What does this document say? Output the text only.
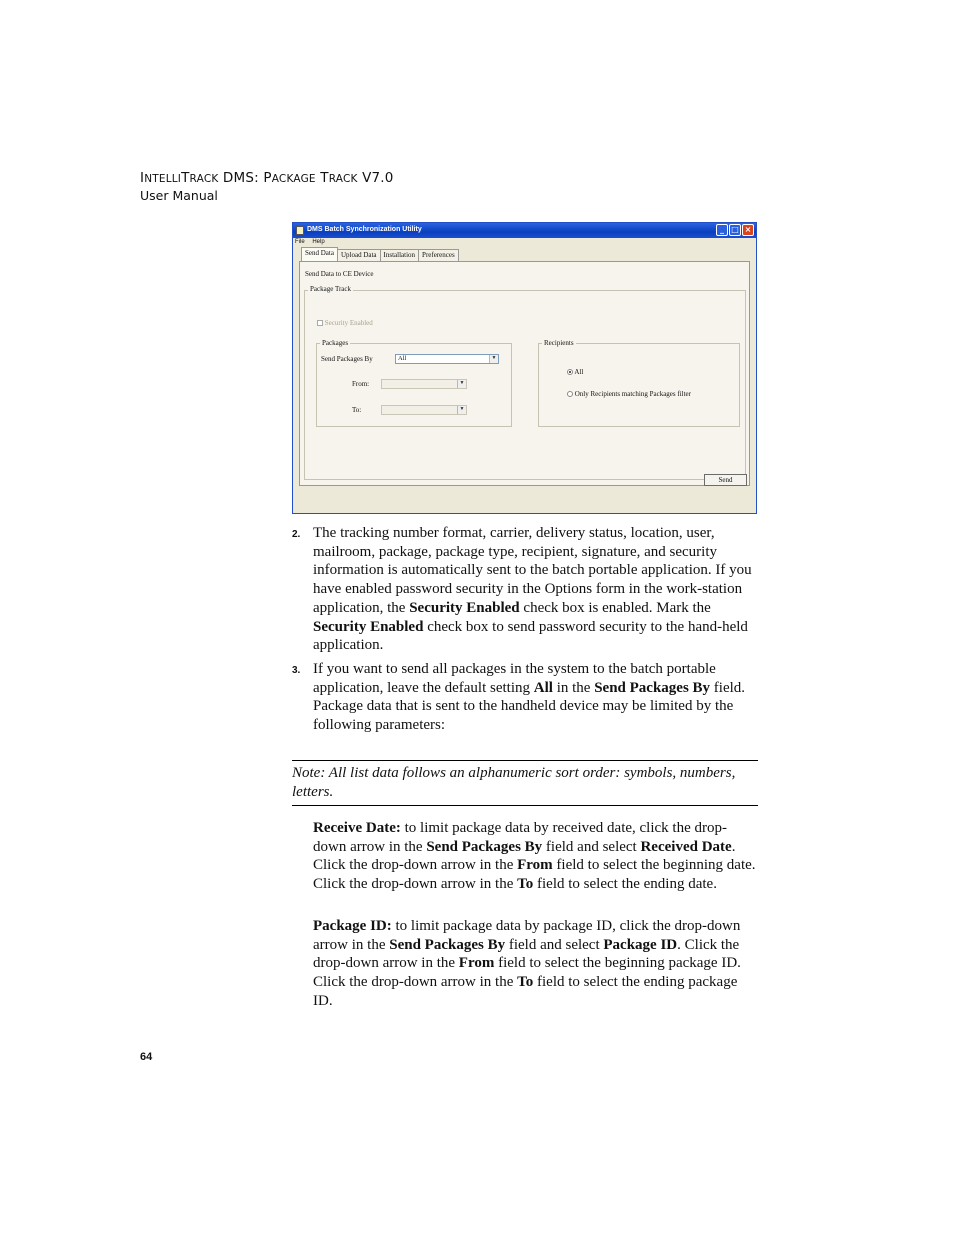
INTELLITRACK DMS: PACKAGE TRACK V7.0
User Manual
DMS Batch Synchronization Utility	_ □ ×
File Help
Send Data	Upload Data	Installation	Preferences
Send Data to CE Device
Package Track
Security Enabled
Packages
Send Packages By	All	▼
From:	▼
To:	▼
Recipients
All
Only Recipients matching Packages filter
Send
2. The tracking number format, carrier, delivery status, location, user, mailroom, package, package type, recipient, signature, and security information is automatically sent to the batch portable application. If you have enabled password security in the Options form in the work-station application, the Security Enabled check box is enabled. Mark the Security Enabled check box to send password security to the hand-held application.
3. If you want to send all packages in the system to the batch portable application, leave the default setting All in the Send Packages By field. Package data that is sent to the handheld device may be limited by the following parameters:
Note: All list data follows an alphanumeric sort order: symbols, numbers, letters.
Receive Date: to limit package data by received date, click the drop-down arrow in the Send Packages By field and select Received Date. Click the drop-down arrow in the From field to select the beginning date. Click the drop-down arrow in the To field to select the ending date.
Package ID: to limit package data by package ID, click the drop-down arrow in the Send Packages By field and select Package ID. Click the drop-down arrow in the From field to select the beginning package ID. Click the drop-down arrow in the To field to select the ending package ID.
64
